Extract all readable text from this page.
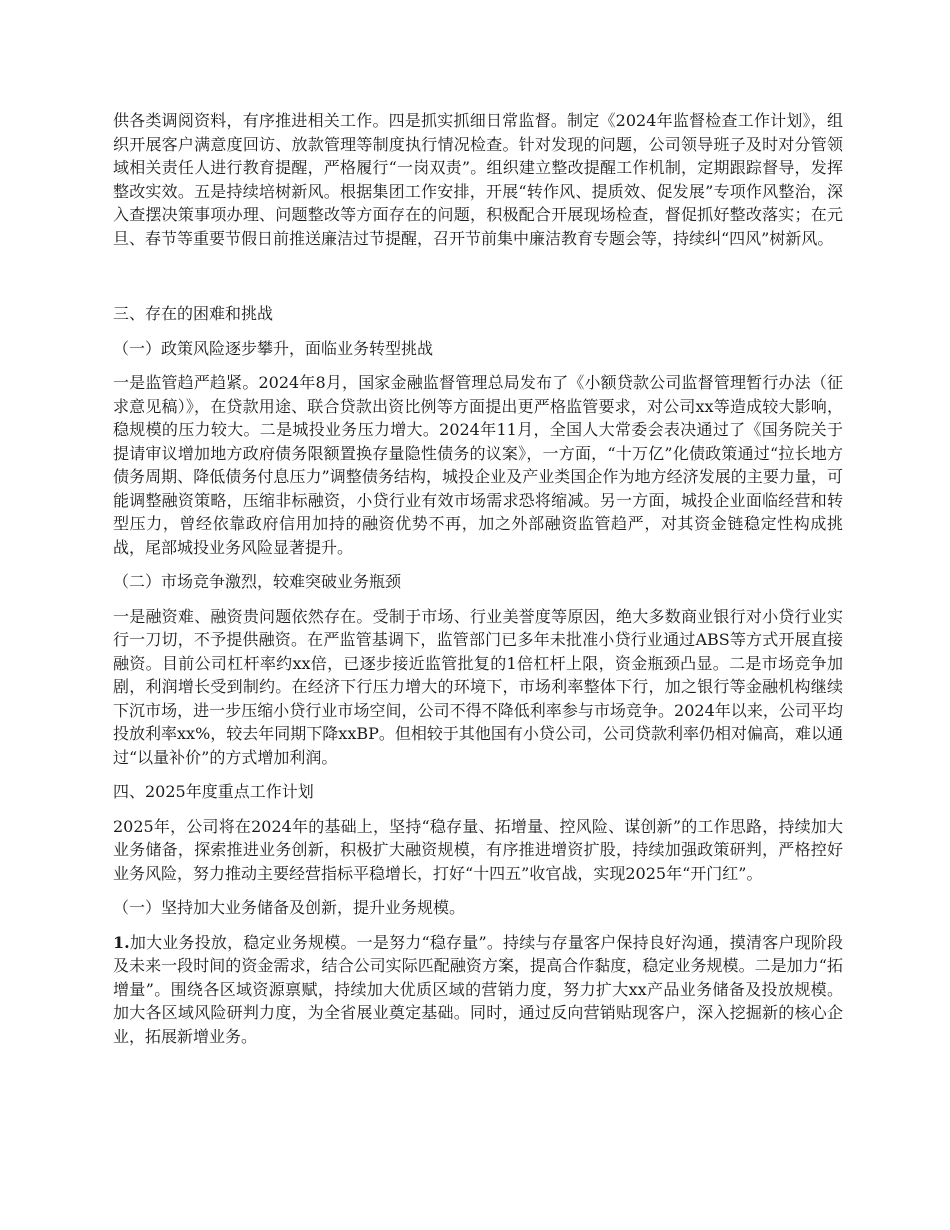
供各类调阅资料，有序推进相关工作。四是抓实抓细日常监督。制定《2024年监督检查工作计划》，组织开展客户满意度回访、放款管理等制度执行情况检查。针对发现的问题，公司领导班子及时对分管领域相关责任人进行教育提醒，严格履行“一岗双责”。组织建立整改提醒工作机制，定期跟踪督导，发挥整改实效。五是持续培树新风。根据集团工作安排，开展“转作风、提质效、促发展”专项作风整治，深入查摆决策事项办理、问题整改等方面存在的问题，积极配合开展现场检查，督促抓好整改落实；在元旦、春节等重要节假日前推送廉洁过节提醒，召开节前集中廉洁教育专题会等，持续纠“四风”树新风。

三、存在的困难和挑战

（一）政策风险逐步攀升，面临业务转型挑战

一是监管趋严趋紧。2024年8月，国家金融监督管理总局发布了《小额贷款公司监督管理暂行办法（征求意见稿）》，在贷款用途、联合贷款出资比例等方面提出更严格监管要求，对公司xx等造成较大影响，稳规模的压力较大。二是城投业务压力增大。2024年11月，全国人大常委会表决通过了《国务院关于提请审议增加地方政府债务限额置换存量隐性债务的议案》，一方面，“十万亿”化债政策通过“拉长地方债务周期、降低债务付息压力”调整债务结构，城投企业及产业类国企作为地方经济发展的主要力量，可能调整融资策略，压缩非标融资，小贷行业有效市场需求恐将缩减。另一方面，城投企业面临经营和转型压力，曾经依靠政府信用加持的融资优势不再，加之外部融资监管趋严，对其资金链稳定性构成挑战，尾部城投业务风险显著提升。

（二）市场竞争激烈，较难突破业务瓶颈

一是融资难、融资贵问题依然存在。受制于市场、行业美誉度等原因，绝大多数商业银行对小贷行业实行一刀切，不予提供融资。在严监管基调下，监管部门已多年未批准小贷行业通过ABS等方式开展直接融资。目前公司杠杆率约xx倍，已逐步接近监管批复的1倍杠杆上限，资金瓶颈凸显。二是市场竞争加剧，利润增长受到制约。在经济下行压力增大的环境下，市场利率整体下行，加之银行等金融机构继续下沉市场，进一步压缩小贷行业市场空间，公司不得不降低利率参与市场竞争。2024年以来，公司平均投放利率xx%，较去年同期下降xxBP。但相较于其他国有小贷公司，公司贷款利率仍相对偏高，难以通过“以量补价”的方式增加利润。

四、2025年度重点工作计划

2025年，公司将在2024年的基础上，坚持“稳存量、拓增量、控风险、谋创新”的工作思路，持续加大业务储备，探索推进业务创新，积极扩大融资规模，有序推进增资扩股，持续加强政策研判，严格控好业务风险，努力推动主要经营指标平稳增长，打好“十四五”收官战，实现2025年“开门红”。

（一）坚持加大业务储备及创新，提升业务规模。

1.加大业务投放，稳定业务规模。一是努力“稳存量”。持续与存量客户保持良好沟通，摸清客户现阶段及未来一段时间的资金需求，结合公司实际匹配融资方案，提高合作黏度，稳定业务规模。二是加力“拓增量”。围绕各区域资源禀赋，持续加大优质区域的营销力度，努力扩大xx产品业务储备及投放规模。加大各区域风险研判力度，为全省展业奠定基础。同时，通过反向营销贴现客户，深入挖掘新的核心企业，拓展新增业务。
